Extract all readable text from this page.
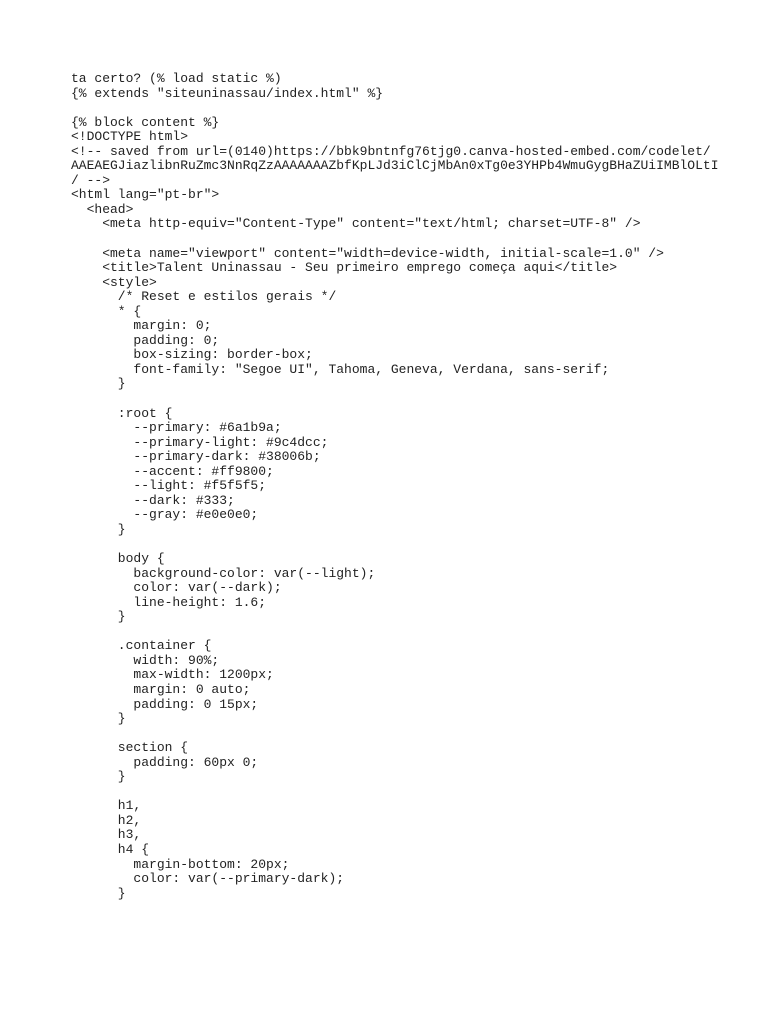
ta certo? (% load static %)
{% extends "siteuninassau/index.html" %}
{% block content %}
<!DOCTYPE html>
<!-- saved from url=(0140)https://bbk9bntnfg76tjg0.canva-hosted-embed.com/codelet/
AAEAEGJiazlibnRuZmc3NnRqZzAAAAAAAZbfKpLJd3iClCjMbAn0xTg0e3YHPb4WmuGygBHaZUiIMBlOLtI
/ -->
<html lang="pt-br">
<head>
<meta http-equiv="Content-Type" content="text/html; charset=UTF-8" />
<meta name="viewport" content="width=device-width, initial-scale=1.0" />
<title>Talent Uninassau - Seu primeiro emprego começa aqui</title>
<style>
/* Reset e estilos gerais */
* {
margin: 0;
padding: 0;
box-sizing: border-box;
font-family: "Segoe UI", Tahoma, Geneva, Verdana, sans-serif;
}
:root {
--primary: #6a1b9a;
--primary-light: #9c4dcc;
--primary-dark: #38006b;
--accent: #ff9800;
--light: #f5f5f5;
--dark: #333;
--gray: #e0e0e0;
}
body {
background-color: var(--light);
color: var(--dark);
line-height: 1.6;
}
.container {
width: 90%;
max-width: 1200px;
margin: 0 auto;
padding: 0 15px;
}
section {
padding: 60px 0;
}
h1,
h2,
h3,
h4 {
margin-bottom: 20px;
color: var(--primary-dark);
}
